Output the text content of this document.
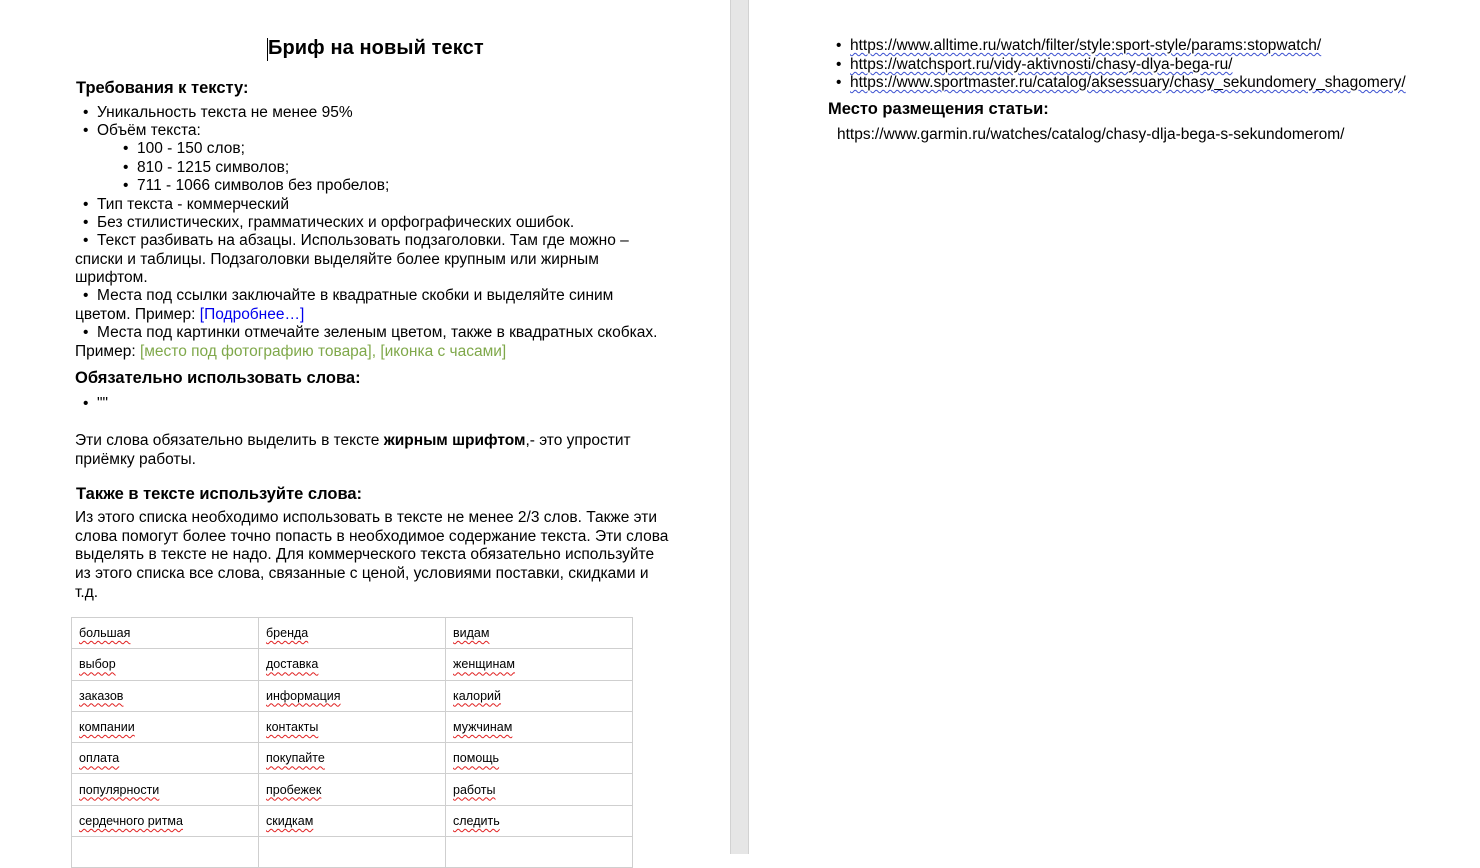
Бриф на новый текст
Требования к тексту:
• Уникальность текста не менее 95%
• Объём текста:
• 100 - 150 слов;
• 810 - 1215 символов;
• 711 - 1066 символов без пробелов;
• Тип текста - коммерческий
• Без стилистических, грамматических и орфографических ошибок.
• Текст разбивать на абзацы. Использовать подзаголовки. Там где можно –
списки и таблицы. Подзаголовки выделяйте более крупным или жирным
шрифтом.
• Места под ссылки заключайте в квадратные скобки и выделяйте синим
цветом. Пример: [Подробнее…]
• Места под картинки отмечайте зеленым цветом, также в квадратных скобках.
Пример: [место под фотографию товара], [иконка с часами]
Обязательно использовать слова:
• ""
Эти слова обязательно выделить в тексте жирным шрифтом,- это упростит
приёмку работы.
Также в тексте используйте слова:
Из этого списка необходимо использовать в тексте не менее 2/3 слов. Также эти
слова помогут более точно попасть в необходимое содержание текста. Эти слова
выделять в тексте не надо. Для коммерческого текста обязательно используйте
из этого списка все слова, связанные с ценой, условиями поставки, скидками и
т.д.
большая	бренда	видам
выбор	доставка	женщинам
заказов	информация	калорий
компании	контакты	мужчинам
оплата	покупайте	помощь
популярности	пробежек	работы
сердечного ритма	скидкам	следить

• https://www.alltime.ru/watch/filter/style:sport-style/params:stopwatch/
• https://watchsport.ru/vidy-aktivnosti/chasy-dlya-bega-ru/
• https://www.sportmaster.ru/catalog/aksessuary/chasy_sekundomery_shagomery/
Место размещения статьи:
https://www.garmin.ru/watches/catalog/chasy-dlja-bega-s-sekundomerom/
